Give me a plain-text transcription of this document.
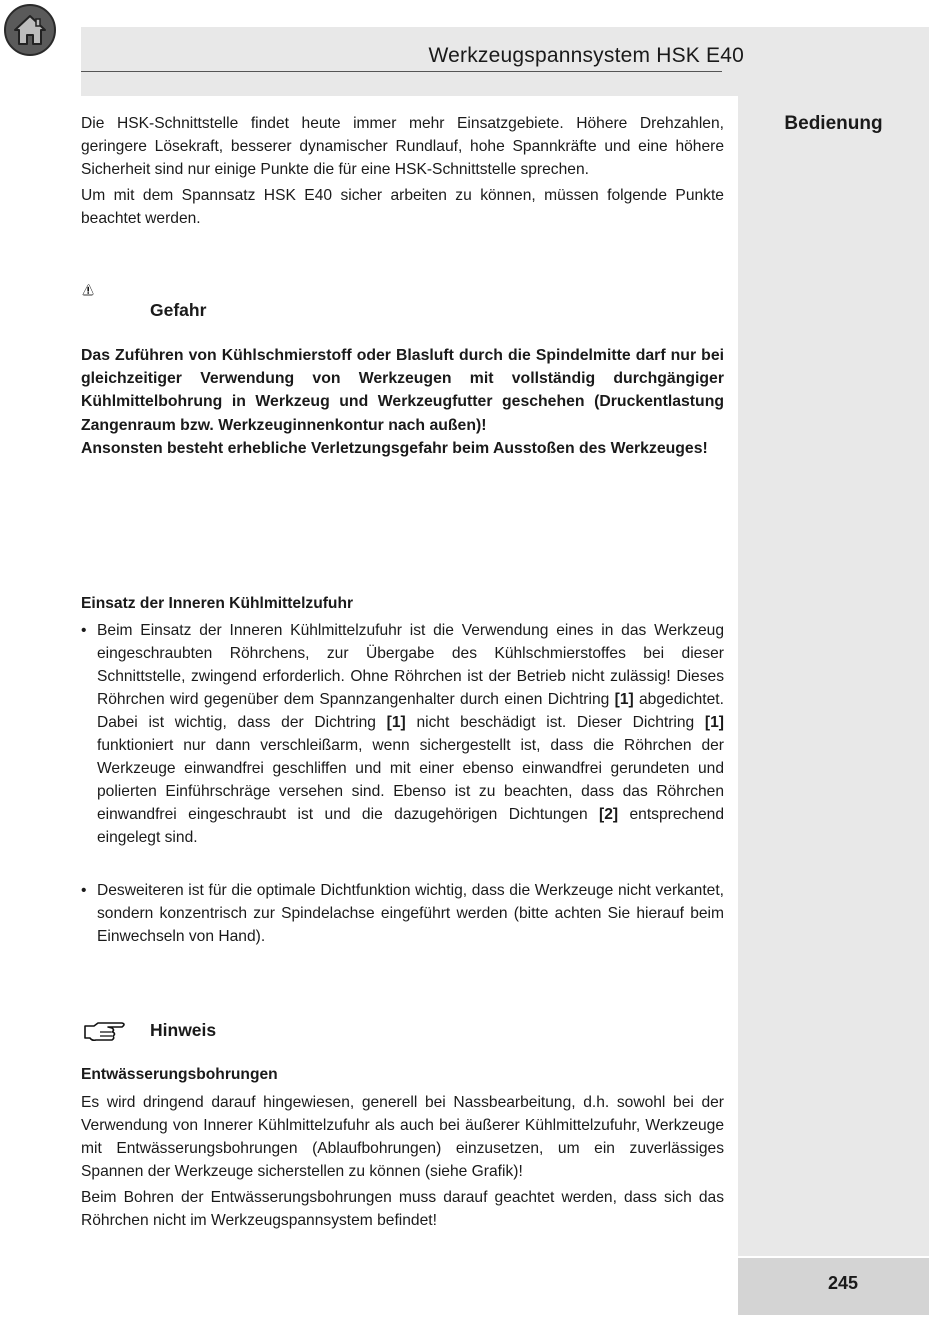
Werkzeugspannsystem HSK E40
Bedienung
245

Die HSK-Schnittstelle findet heute immer mehr Einsatzgebiete. Höhere Drehzahlen, geringere Lösekraft, besserer dynamischer Rundlauf, hohe Spannkräfte und eine höhere Sicherheit sind nur einige Punkte die für eine HSK-Schnittstelle sprechen.

Um mit dem Spannsatz HSK E40 sicher arbeiten zu können, müssen folgende Punkte beachtet werden.

Gefahr

Das Zuführen von Kühlschmierstoff oder Blasluft durch die Spindelmitte darf nur bei gleichzeitiger Verwendung von Werkzeugen mit vollständig durchgängiger Kühlmittelbohrung in Werkzeug und Werkzeugfutter geschehen (Druckentlastung Zangenraum bzw. Werkzeuginnenkontur nach außen)!

Ansonsten besteht erhebliche Verletzungsgefahr beim Ausstoßen des Werkzeuges!

Einsatz der Inneren Kühlmittelzufuhr
• Beim Einsatz der Inneren Kühlmittelzufuhr ist die Verwendung eines in das Werkzeug eingeschraubten Röhrchens, zur Übergabe des Kühlschmierstoffes bei dieser Schnittstelle, zwingend erforderlich. Ohne Röhrchen ist der Betrieb nicht zulässig! Dieses Röhrchen wird gegenüber dem Spannzangenhalter durch einen Dichtring [1] abgedichtet. Dabei ist wichtig, dass der Dichtring [1] nicht beschädigt ist. Dieser Dichtring [1] funktioniert nur dann verschleißarm, wenn sichergestellt ist, dass die Röhrchen der Werkzeuge einwandfrei geschliffen und mit einer ebenso einwandfrei gerundeten und polierten Einführschräge versehen sind. Ebenso ist zu beachten, dass das Röhrchen einwandfrei eingeschraubt ist und die dazugehörigen Dichtungen [2] entsprechend eingelegt sind.
• Desweiteren ist für die optimale Dichtfunktion wichtig, dass die Werkzeuge nicht verkantet, sondern konzentrisch zur Spindelachse eingeführt werden (bitte achten Sie hierauf beim Einwechseln von Hand).
Hinweis
Entwässerungsbohrungen

Es wird dringend darauf hingewiesen, generell bei Nassbearbeitung, d.h. sowohl bei der Verwendung von Innerer Kühlmittelzufuhr als auch bei äußerer Kühlmittelzufuhr, Werkzeuge mit Entwässerungsbohrungen (Ablaufbohrungen) einzusetzen, um ein zuverlässiges Spannen der Werkzeuge sicherstellen zu können (siehe Grafik)!

Beim Bohren der Entwässerungsbohrungen muss darauf geachtet werden, dass sich das Röhrchen nicht im Werkzeugspannsystem befindet!
